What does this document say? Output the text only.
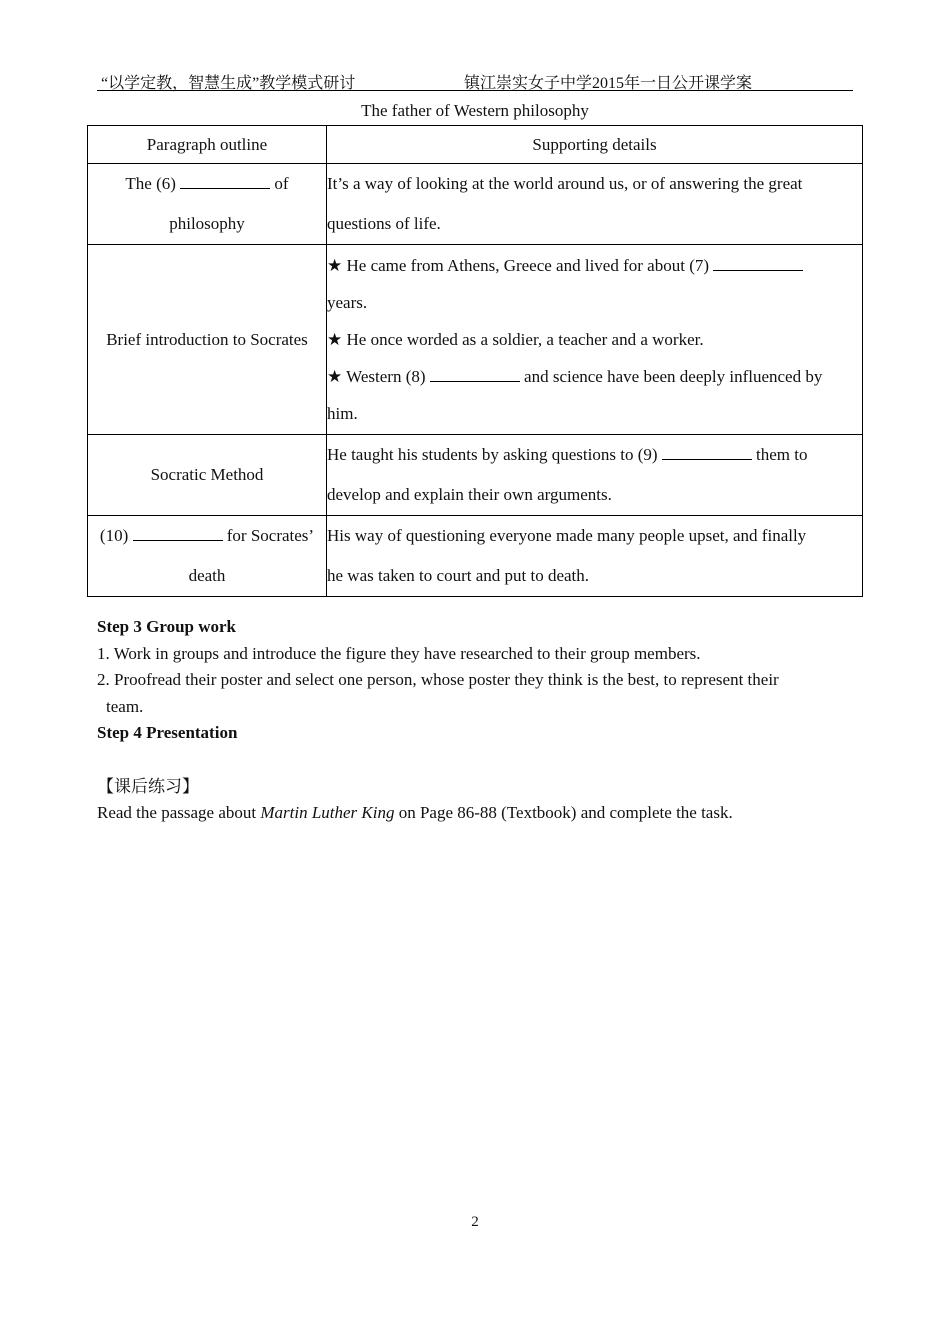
“以学定教，智慧生成”教学模式研讨	镇江崇实女子中学2015年一日公开课学案
The father of Western philosophy
Paragraph outline	Supporting details
The (6) of
philosophy	It’s a way of looking at the world around us, or of answering the great questions of life.
Brief introduction to Socrates	★ He came from Athens, Greece and lived for about (7)
years.
★ He once worded as a soldier, a teacher and a worker.
★ Western (8) and science have been deeply influenced by
him.

Socratic Method	He taught his students by asking questions to (9) them to
develop and explain their own arguments.
(10) for Socrates’
death	His way of questioning everyone made many people upset, and finally
he was taken to court and put to death.

Step 3 Group work

1. Work in groups and introduce the figure they have researched to their group members.

2. Proofread their poster and select one person, whose poster they think is the best, to represent their

team.

Step 4 Presentation

【课后练习】

Read the passage about Martin Luther King on Page 86-88 (Textbook) and complete the task.

2
